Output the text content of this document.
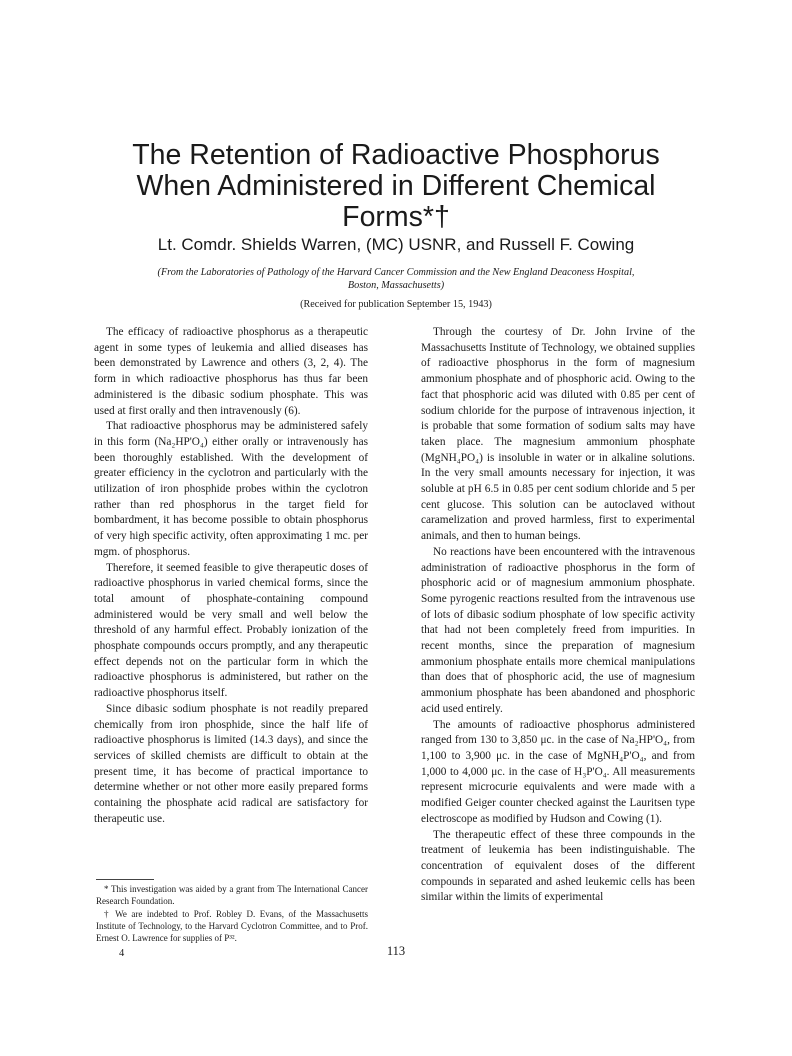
The Retention of Radioactive Phosphorus When Administered in Different Chemical Forms*†
Lt. Comdr. Shields Warren, (MC) USNR, and Russell F. Cowing
(From the Laboratories of Pathology of the Harvard Cancer Commission and the New England Deaconess Hospital, Boston, Massachusetts)
(Received for publication September 15, 1943)

The efficacy of radioactive phosphorus as a therapeutic agent in some types of leukemia and allied diseases has been demonstrated by Lawrence and others (3, 2, 4). The form in which radioactive phosphorus has thus far been administered is the dibasic sodium phosphate. This was used at first orally and then intravenously (6).

That radioactive phosphorus may be administered safely in this form (Na₂HP'O₄) either orally or intravenously has been thoroughly established. With the development of greater efficiency in the cyclotron and particularly with the utilization of iron phosphide probes within the cyclotron rather than red phosphorus in the target field for bombardment, it has become possible to obtain phosphorus of very high specific activity, often approximating 1 mc. per mgm. of phosphorus.

Therefore, it seemed feasible to give therapeutic doses of radioactive phosphorus in varied chemical forms, since the total amount of phosphate-containing compound administered would be very small and well below the threshold of any harmful effect. Probably ionization of the phosphate compounds occurs promptly, and any therapeutic effect depends not on the particular form in which the radioactive phosphorus is administered, but rather on the radioactive phosphorus itself.

Since dibasic sodium phosphate is not readily prepared chemically from iron phosphide, since the half life of radioactive phosphorus is limited (14.3 days), and since the services of skilled chemists are difficult to obtain at the present time, it has become of practical importance to determine whether or not other more easily prepared forms containing the phosphate acid radical are satisfactory for therapeutic use.

Through the courtesy of Dr. John Irvine of the Massachusetts Institute of Technology, we obtained supplies of radioactive phosphorus in the form of magnesium ammonium phosphate and of phosphoric acid. Owing to the fact that phosphoric acid was diluted with 0.85 per cent of sodium chloride for the purpose of intravenous injection, it is probable that some formation of sodium salts may have taken place. The magnesium ammonium phosphate (MgNH₄PO₄) is insoluble in water or in alkaline solutions. In the very small amounts necessary for injection, it was soluble at pH 6.5 in 0.85 per cent sodium chloride and 5 per cent glucose. This solution can be autoclaved without caramelization and proved harmless, first to experimental animals, and then to human beings.

No reactions have been encountered with the intravenous administration of radioactive phosphorus in the form of phosphoric acid or of magnesium ammonium phosphate. Some pyrogenic reactions resulted from the intravenous use of lots of dibasic sodium phosphate of low specific activity that had not been completely freed from impurities. In recent months, since the preparation of magnesium ammonium phosphate entails more chemical manipulations than does that of phosphoric acid, the use of magnesium ammonium phosphate has been abandoned and phosphoric acid used entirely.

The amounts of radioactive phosphorus administered ranged from 130 to 3,850 μc. in the case of Na₂HP'O₄, from 1,100 to 3,900 μc. in the case of MgNH₄P'O₄, and from 1,000 to 4,000 μc. in the case of H₃P'O₄. All measurements represent microcurie equivalents and were made with a modified Geiger counter checked against the Lauritsen type electroscope as modified by Hudson and Cowing (1).

The therapeutic effect of these three compounds in the treatment of leukemia has been indistinguishable. The concentration of equivalent doses of the different compounds in separated and ashed leukemic cells has been similar within the limits of experimental

* This investigation was aided by a grant from The International Cancer Research Foundation.

† We are indebted to Prof. Robley D. Evans, of the Massachusetts Institute of Technology, to the Harvard Cyclotron Committee, and to Prof. Ernest O. Lawrence for supplies of P³².

4	113
